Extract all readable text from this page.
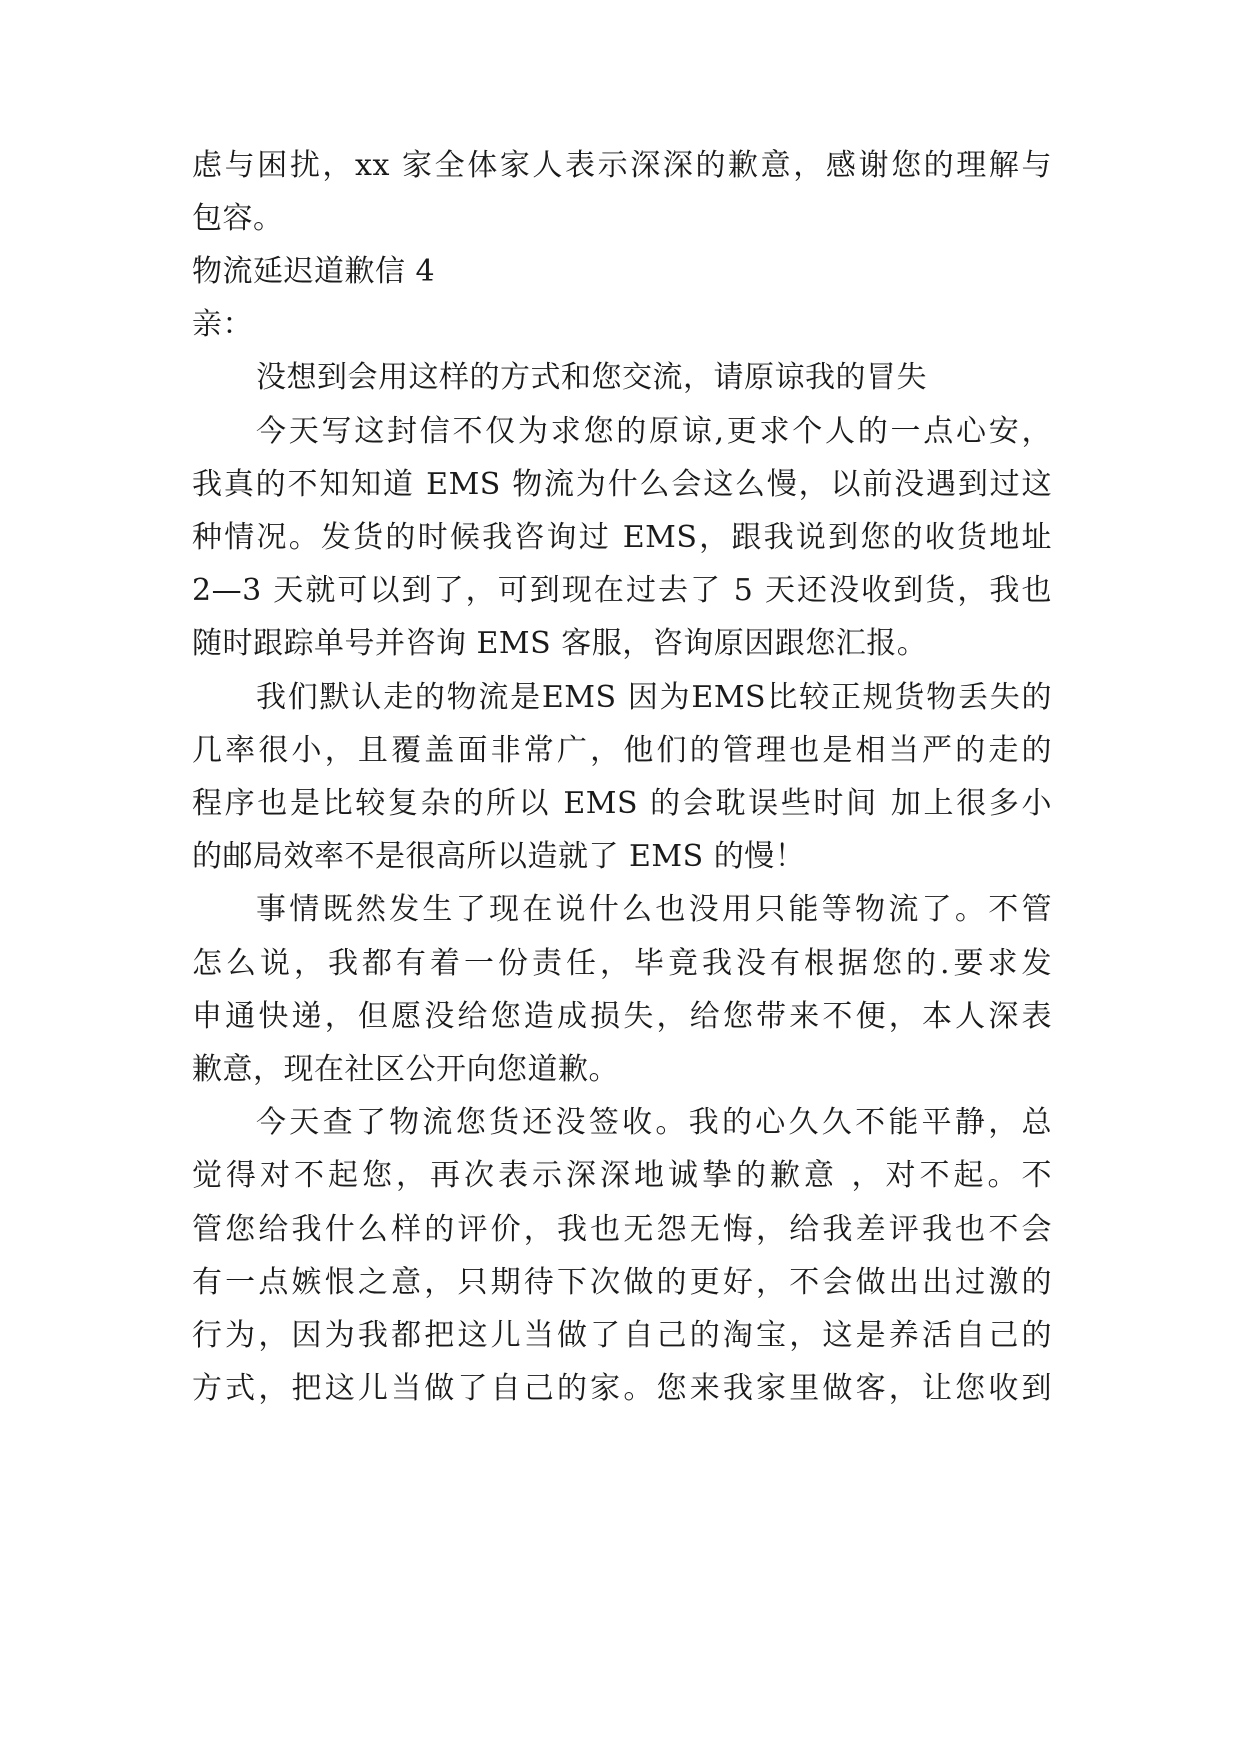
虑与困扰，xx 家全体家人表示深深的歉意，感谢您的理解与
包容。
物流延迟道歉信 4
亲：
没想到会用这样的方式和您交流，请原谅我的冒失
今天写这封信不仅为求您的原谅,更求个人的一点心安，
我真的不知知道 EMS 物流为什么会这么慢，以前没遇到过这
种情况。发货的时候我咨询过 EMS，跟我说到您的收货地址
2—3 天就可以到了，可到现在过去了 5 天还没收到货，我也
随时跟踪单号并咨询 EMS 客服，咨询原因跟您汇报。
我们默认走的物流是EMS 因为EMS比较正规货物丢失的
几率很小，且覆盖面非常广，他们的管理也是相当严的走的
程序也是比较复杂的所以 EMS 的会耽误些时间 加上很多小
的邮局效率不是很高所以造就了 EMS 的慢！
事情既然发生了现在说什么也没用只能等物流了。不管
怎么说，我都有着一份责任，毕竟我没有根据您的.要求发
申通快递，但愿没给您造成损失，给您带来不便，本人深表
歉意，现在社区公开向您道歉。
今天查了物流您货还没签收。我的心久久不能平静，总
觉得对不起您，再次表示深深地诚挚的歉意 ，对不起。不
管您给我什么样的评价，我也无怨无悔，给我差评我也不会
有一点嫉恨之意，只期待下次做的更好，不会做出出过激的
行为，因为我都把这儿当做了自己的淘宝，这是养活自己的
方式，把这儿当做了自己的家。您来我家里做客，让您收到
